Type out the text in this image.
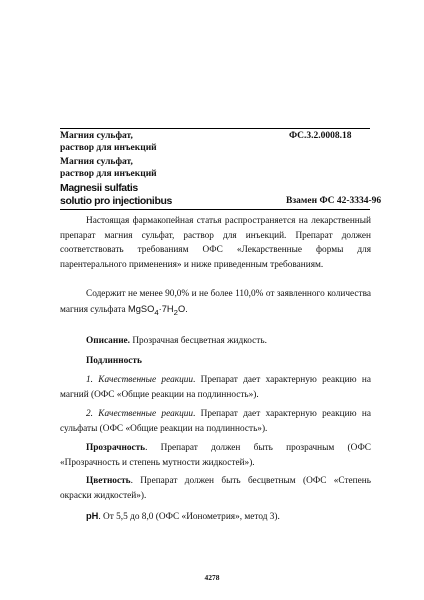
Магния сульфат,
раствор для инъекций
ФС.3.2.0008.18
Магния сульфат,
раствор для инъекций
Magnesii sulfatis
solutio pro injectionibus	Взамен ФС 42-3334-96
Настоящая фармакопейная статья распространяется на лекарственный препарат магния сульфат, раствор для инъекций. Препарат должен соответствовать требованиям ОФС «Лекарственные формы для парентерального применения» и ниже приведенным требованиям.
Содержит не менее 90,0% и не более 110,0% от заявленного количества магния сульфата $MgSO_4\cdot 7H_2O$.
Описание. Прозрачная бесцветная жидкость.
Подлинность
1. Качественные реакции. Препарат дает характерную реакцию на магний (ОФС «Общие реакции на подлинность»).
2. Качественные реакции. Препарат дает характерную реакцию на сульфаты (ОФС «Общие реакции на подлинность»).
Прозрачность. Препарат должен быть прозрачным (ОФС «Прозрачность и степень мутности жидкостей»).
Цветность. Препарат должен быть бесцветным (ОФС «Степень окраски жидкостей»).
pH. От 5,5 до 8,0 (ОФС «Ионометрия», метод 3).
4278
